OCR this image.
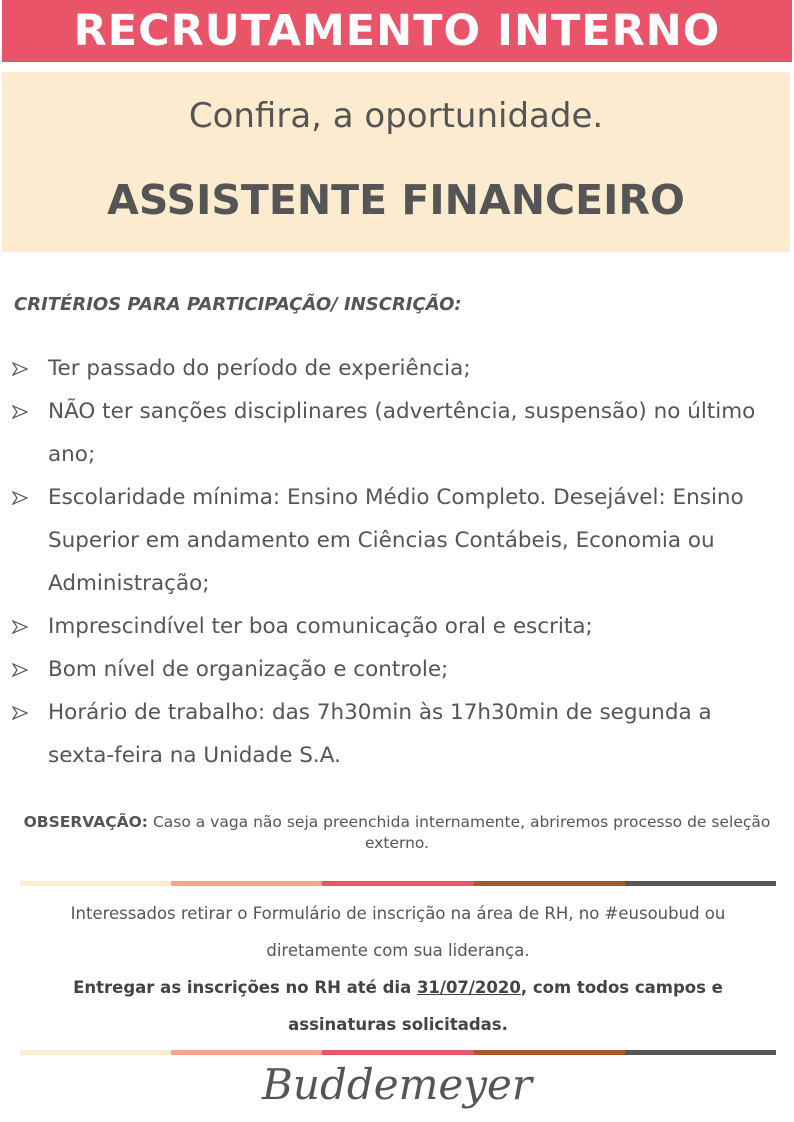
RECRUTAMENTO INTERNO
Confira, a oportunidade.
ASSISTENTE FINANCEIRO
CRITÉRIOS PARA PARTICIPAÇÃO/ INSCRIÇÃO:
Ter passado do período de experiência;
NÃO ter sanções disciplinares (advertência, suspensão) no último ano;
Escolaridade mínima: Ensino Médio Completo. Desejável: Ensino Superior em andamento em Ciências Contábeis, Economia ou Administração;
Imprescindível ter boa comunicação oral e escrita;
Bom nível de organização e controle;
Horário de trabalho: das 7h30min às 17h30min de segunda a sexta-feira na Unidade S.A.
OBSERVAÇÃO: Caso a vaga não seja preenchida internamente, abriremos processo de seleção externo.
Interessados retirar o Formulário de inscrição na área de RH, no #eusoubud ou diretamente com sua liderança.
Entregar as inscrições no RH até dia 31/07/2020, com todos campos e assinaturas solicitadas.
Buddemeyer
